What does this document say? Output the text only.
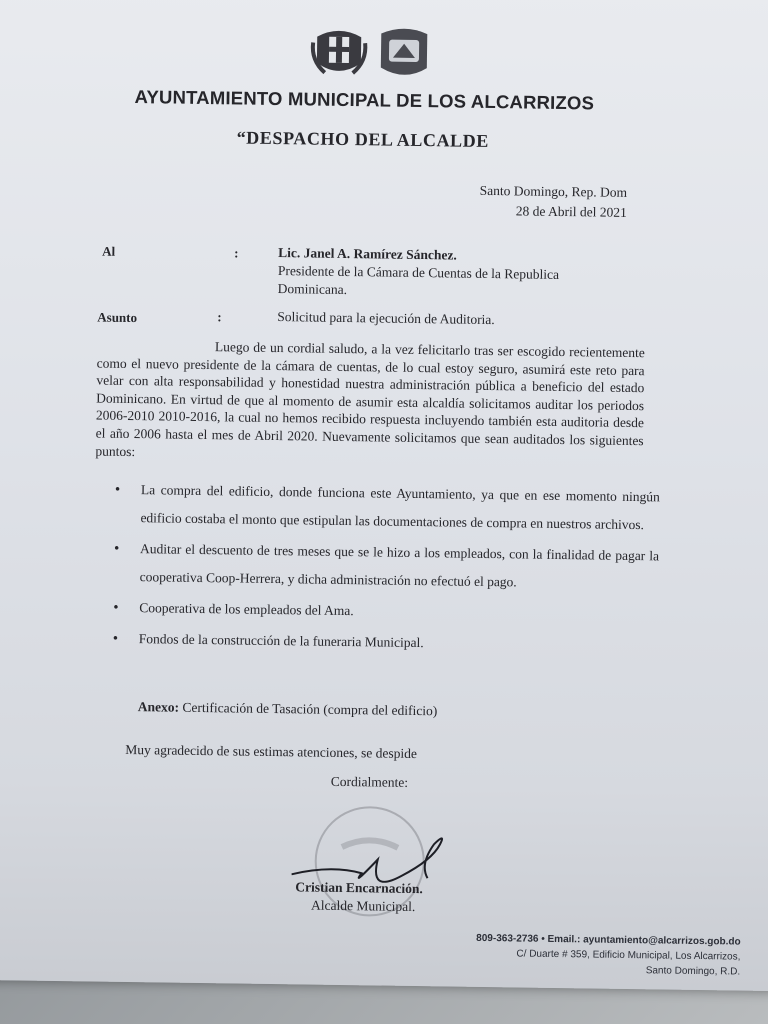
AYUNTAMIENTO MUNICIPAL DE LOS ALCARRIZOS
“DESPACHO DEL ALCALDE
Santo Domingo, Rep. Dom
28 de Abril del 2021
Al	:	Lic. Janel A. Ramírez Sánchez.
Presidente de la Cámara de Cuentas de la Republica
Dominicana.
Asunto	:	Solicitud para la ejecución de Auditoria.
Luego de un cordial saludo, a la vez felicitarlo tras ser escogido recientemente como el nuevo presidente de la cámara de cuentas, de lo cual estoy seguro, asumirá este reto para velar con alta responsabilidad y honestidad nuestra administración pública a beneficio del estado Dominicano. En virtud de que al momento de asumir esta alcaldía solicitamos auditar los periodos 2006-2010 2010-2016, la cual no hemos recibido respuesta incluyendo también esta auditoria desde el año 2006 hasta el mes de Abril 2020. Nuevamente solicitamos que sean auditados los siguientes puntos:
• La compra del edificio, donde funciona este Ayuntamiento, ya que en ese momento ningún edificio costaba el monto que estipulan las documentaciones de compra en nuestros archivos.
• Auditar el descuento de tres meses que se le hizo a los empleados, con la finalidad de pagar la cooperativa Coop-Herrera, y dicha administración no efectuó el pago.
• Cooperativa de los empleados del Ama.
• Fondos de la construcción de la funeraria Municipal.
Anexo: Certificación de Tasación (compra del edificio)
Muy agradecido de sus estimas atenciones, se despide
Cordialmente:
Cristian Encarnación.
Alcalde Municipal.
809-363-2736 • Email.: ayuntamiento@alcarrizos.gob.do
C/ Duarte # 359, Edificio Municipal, Los Alcarrizos,
Santo Domingo, R.D.
